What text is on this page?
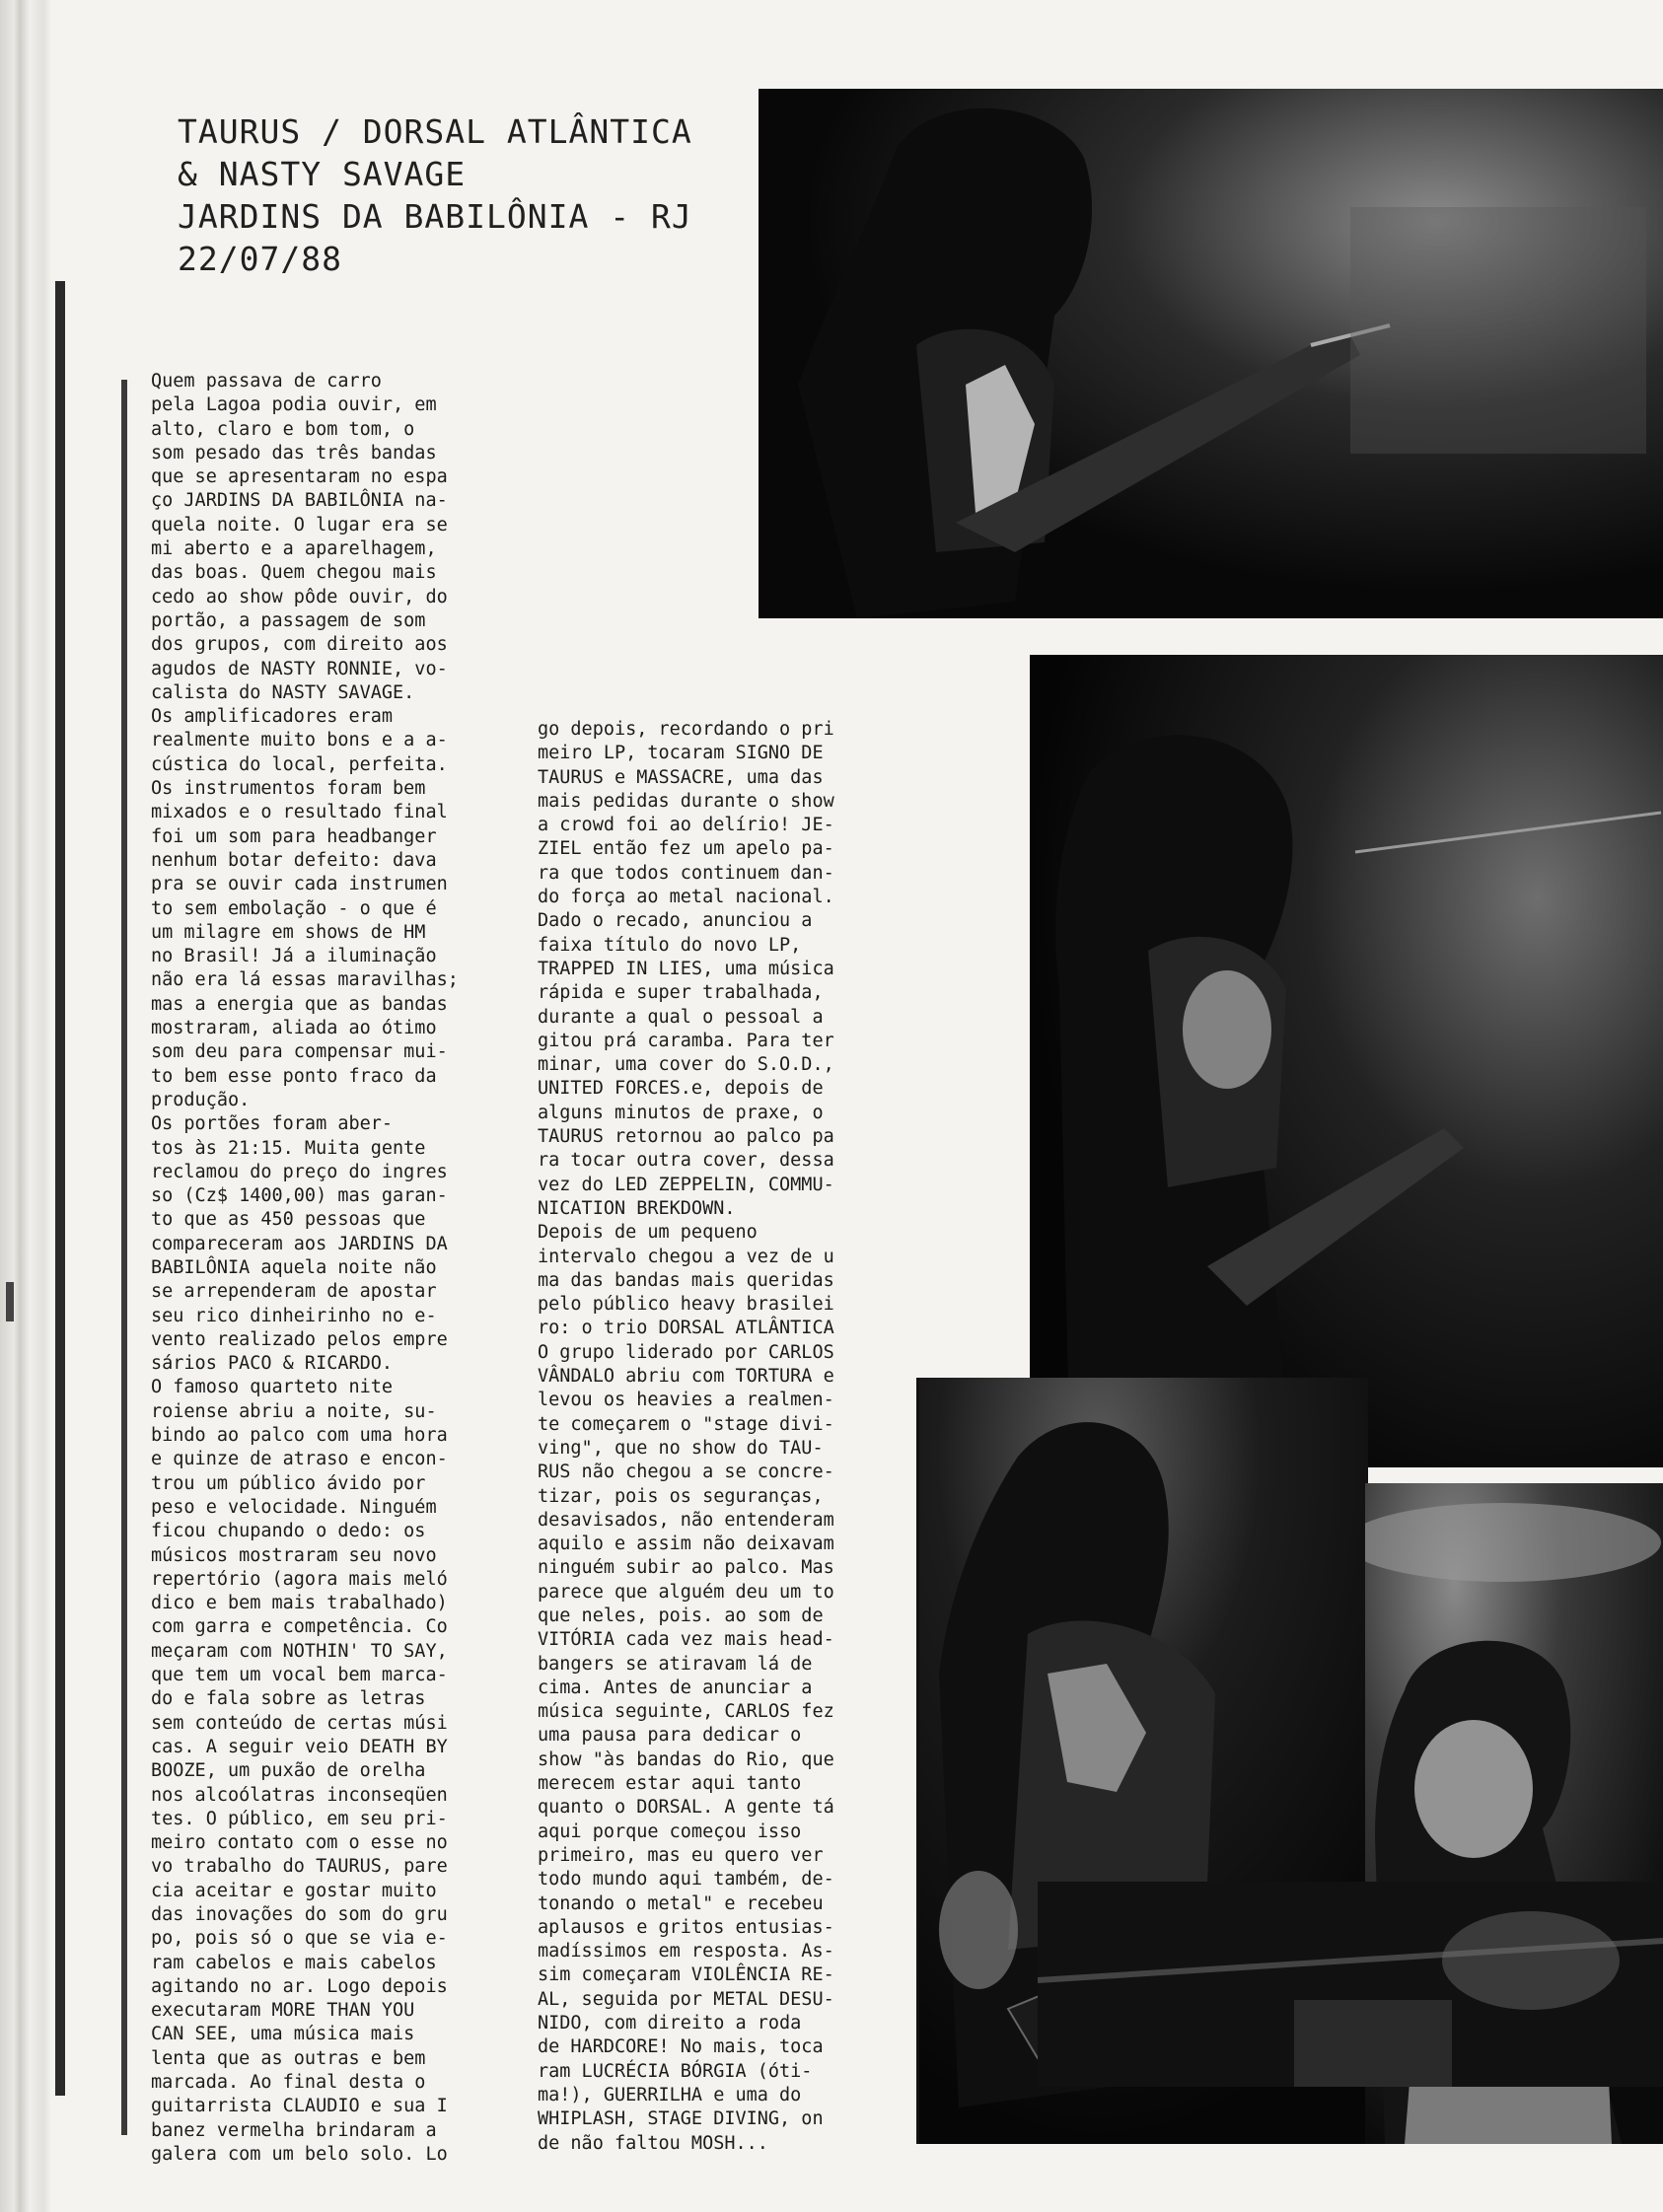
TAURUS / DORSAL ATLÂNTICA
& NASTY SAVAGE
JARDINS DA BABILÔNIA - RJ
22/07/88
Quem passava de carro
pela Lagoa podia ouvir, em
alto, claro e bom tom, o
som pesado das três bandas
que se apresentaram no espa
ço JARDINS DA BABILÔNIA na-
quela noite. O lugar era se
mi aberto e a aparelhagem,
das boas. Quem chegou mais
cedo ao show pôde ouvir, do
portão, a passagem de som
dos grupos, com direito aos
agudos de NASTY RONNIE, vo-
calista do NASTY SAVAGE.
Os amplificadores eram
realmente muito bons e a a-
cústica do local, perfeita.
Os instrumentos foram bem
mixados e o resultado final
foi um som para headbanger
nenhum botar defeito: dava
pra se ouvir cada instrumen
to sem embolação - o que é
um milagre em shows de HM
no Brasil! Já a iluminação
não era lá essas maravilhas;
mas a energia que as bandas
mostraram, aliada ao ótimo
som deu para compensar mui-
to bem esse ponto fraco da
produção.
Os portões foram aber-
tos às 21:15. Muita gente
reclamou do preço do ingres
so (Cz$ 1400,00) mas garan-
to que as 450 pessoas que
compareceram aos JARDINS DA
BABILÔNIA aquela noite não
se arrependeram de apostar
seu rico dinheirinho no e-
vento realizado pelos empre
sários PACO & RICARDO.
O famoso quarteto nite
roiense abriu a noite, su-
bindo ao palco com uma hora
e quinze de atraso e encon-
trou um público ávido por
peso e velocidade. Ninguém
ficou chupando o dedo: os
músicos mostraram seu novo
repertório (agora mais meló
dico e bem mais trabalhado)
com garra e competência. Co
meçaram com NOTHIN' TO SAY,
que tem um vocal bem marca-
do e fala sobre as letras
sem conteúdo de certas músi
cas. A seguir veio DEATH BY
BOOZE, um puxão de orelha
nos alcoólatras inconseqüen
tes. O público, em seu pri-
meiro contato com o esse no
vo trabalho do TAURUS, pare
cia aceitar e gostar muito
das inovações do som do gru
po, pois só o que se via e-
ram cabelos e mais cabelos
agitando no ar. Logo depois
executaram MORE THAN YOU
CAN SEE, uma música mais
lenta que as outras e bem
marcada. Ao final desta o
guitarrista CLAUDIO e sua I
banez vermelha brindaram a
galera com um belo solo. Lo
go depois, recordando o pri
meiro LP, tocaram SIGNO DE
TAURUS e MASSACRE, uma das
mais pedidas durante o show
a crowd foi ao delírio! JE-
ZIEL então fez um apelo pa-
ra que todos continuem dan-
do força ao metal nacional.
Dado o recado, anunciou a
faixa título do novo LP,
TRAPPED IN LIES, uma música
rápida e super trabalhada,
durante a qual o pessoal a
gitou prá caramba. Para ter
minar, uma cover do S.O.D.,
UNITED FORCES.e, depois de
alguns minutos de praxe, o
TAURUS retornou ao palco pa
ra tocar outra cover, dessa
vez do LED ZEPPELIN, COMMU-
NICATION BREKDOWN.
Depois de um pequeno
intervalo chegou a vez de u
ma das bandas mais queridas
pelo público heavy brasilei
ro: o trio DORSAL ATLÂNTICA
O grupo liderado por CARLOS
VÂNDALO abriu com TORTURA e
levou os heavies a realmen-
te começarem o "stage divi-
ving", que no show do TAU-
RUS não chegou a se concre-
tizar, pois os seguranças,
desavisados, não entenderam
aquilo e assim não deixavam
ninguém subir ao palco. Mas
parece que alguém deu um to
que neles, pois. ao som de
VITÓRIA cada vez mais head-
bangers se atiravam lá de
cima. Antes de anunciar a
música seguinte, CARLOS fez
uma pausa para dedicar o
show "às bandas do Rio, que
merecem estar aqui tanto
quanto o DORSAL. A gente tá
aqui porque começou isso
primeiro, mas eu quero ver
todo mundo aqui também, de-
tonando o metal" e recebeu
aplausos e gritos entusias-
madíssimos em resposta. As-
sim começaram VIOLÊNCIA RE-
AL, seguida por METAL DESU-
NIDO, com direito a roda
de HARDCORE! No mais, toca
ram LUCRÉCIA BÓRGIA (óti-
ma!), GUERRILHA e uma do
WHIPLASH, STAGE DIVING, on
de não faltou MOSH...
